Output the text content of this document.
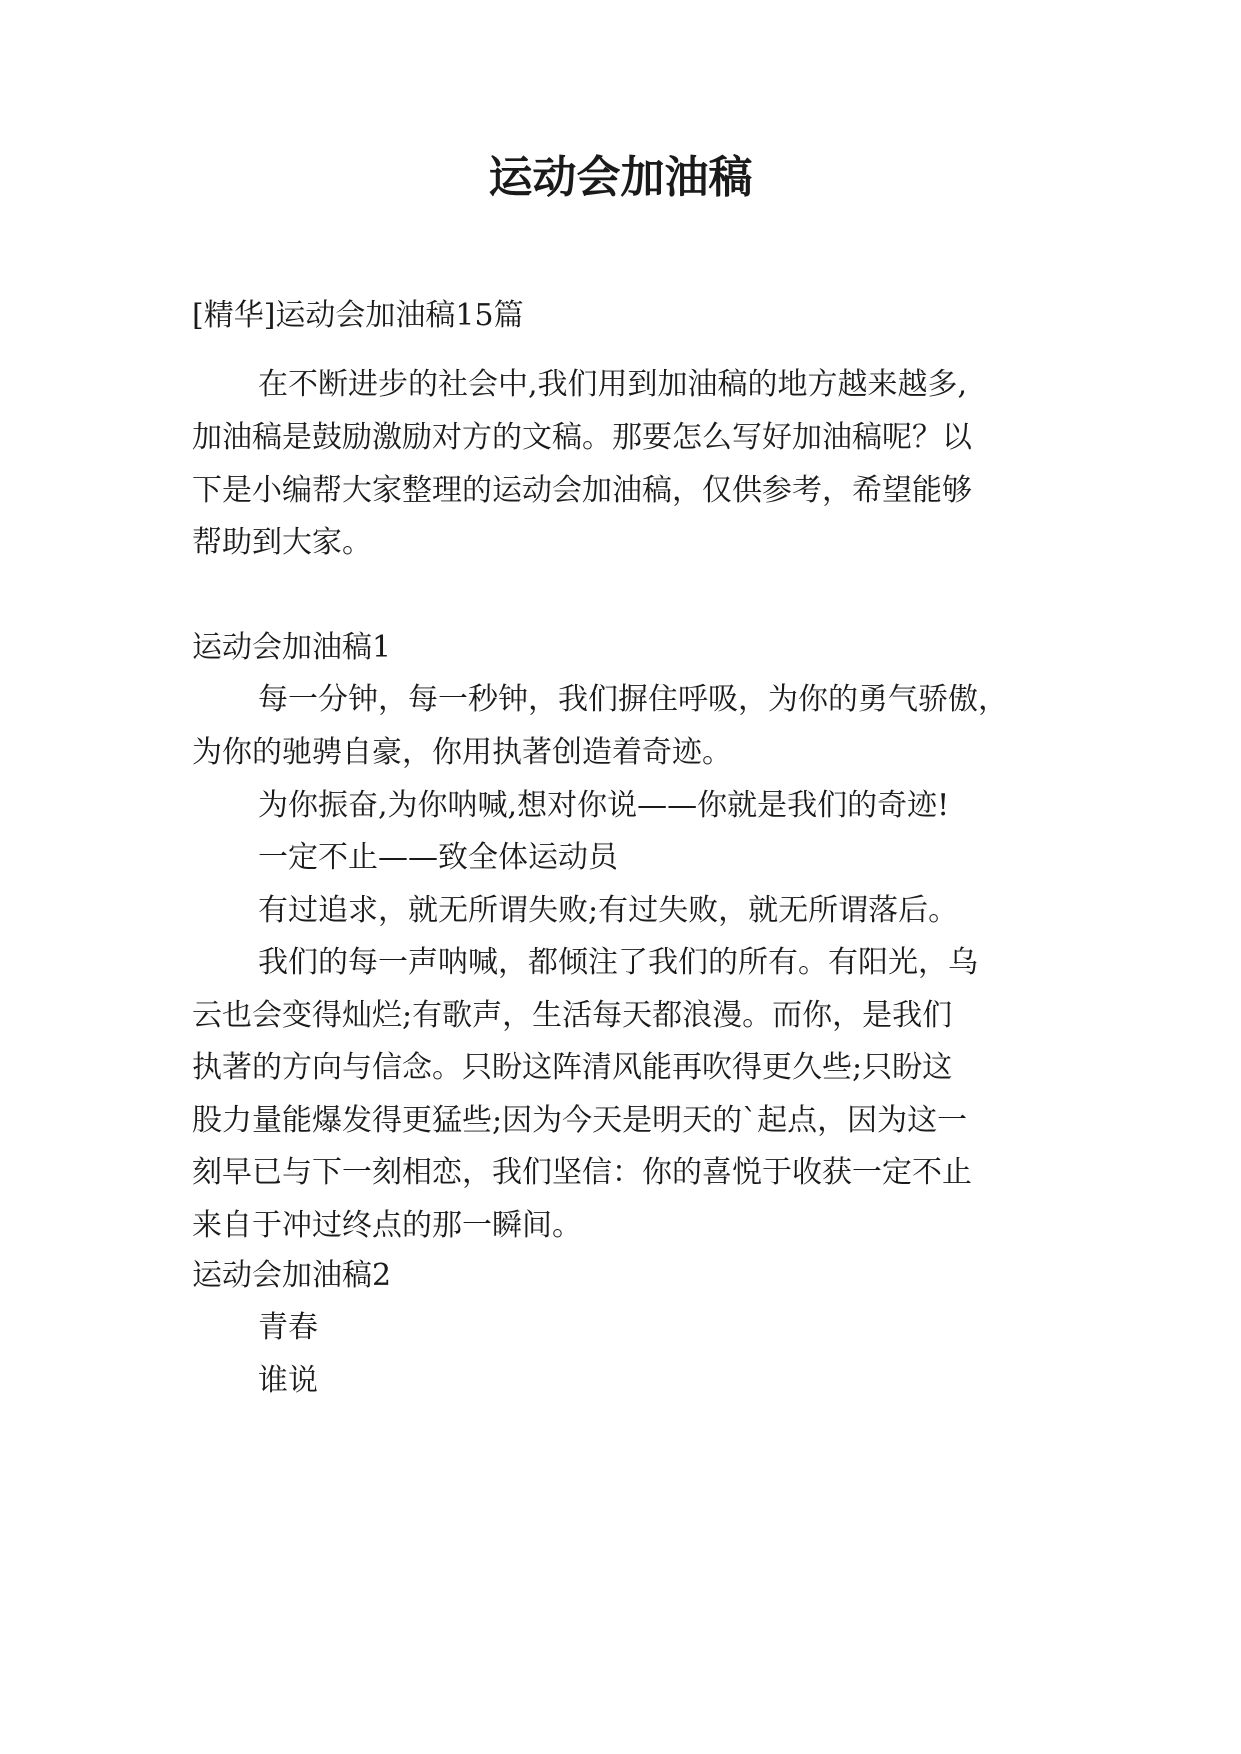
运动会加油稿
[精华]运动会加油稿15篇
在不断进步的社会中,我们用到加油稿的地方越来越多,
加油稿是鼓励激励对方的文稿。那要怎么写好加油稿呢？以
下是小编帮大家整理的运动会加油稿，仅供参考，希望能够
帮助到大家。
运动会加油稿1
每一分钟，每一秒钟，我们摒住呼吸，为你的勇气骄傲，
为你的驰骋自豪，你用执著创造着奇迹。
为你振奋,为你呐喊,想对你说——你就是我们的奇迹!
一定不止——致全体运动员
有过追求，就无所谓失败;有过失败，就无所谓落后。
我们的每一声呐喊，都倾注了我们的所有。有阳光，乌
云也会变得灿烂;有歌声，生活每天都浪漫。而你，是我们
执著的方向与信念。只盼这阵清风能再吹得更久些;只盼这
股力量能爆发得更猛些;因为今天是明天的`起点，因为这一
刻早已与下一刻相恋，我们坚信：你的喜悦于收获一定不止
来自于冲过终点的那一瞬间。
运动会加油稿2
青春
谁说
